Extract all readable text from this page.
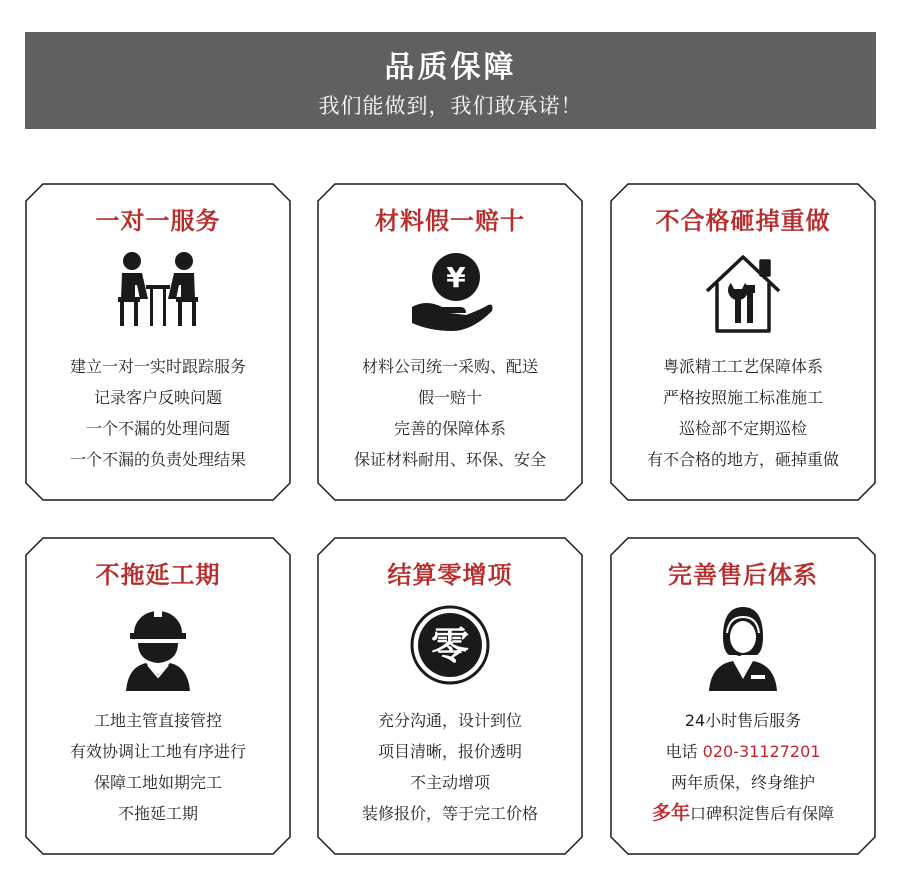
品质保障
我们能做到，我们敢承诺！
一对一服务
建立一对一实时跟踪服务
记录客户反映问题
一个不漏的处理问题
一个不漏的负责处理结果
材料假一赔十
¥
材料公司统一采购、配送
假一赔十
完善的保障体系
保证材料耐用、环保、安全
不合格砸掉重做
粤派精工工艺保障体系
严格按照施工标准施工
巡检部不定期巡检
有不合格的地方，砸掉重做
不拖延工期
工地主管直接管控
有效协调让工地有序进行
保障工地如期完工
不拖延工期
结算零增项
零
充分沟通，设计到位
项目清晰，报价透明
不主动增项
装修报价，等于完工价格
完善售后体系
24小时售后服务
电话 020-31127201
两年质保，终身维护
多年口碑积淀售后有保障
